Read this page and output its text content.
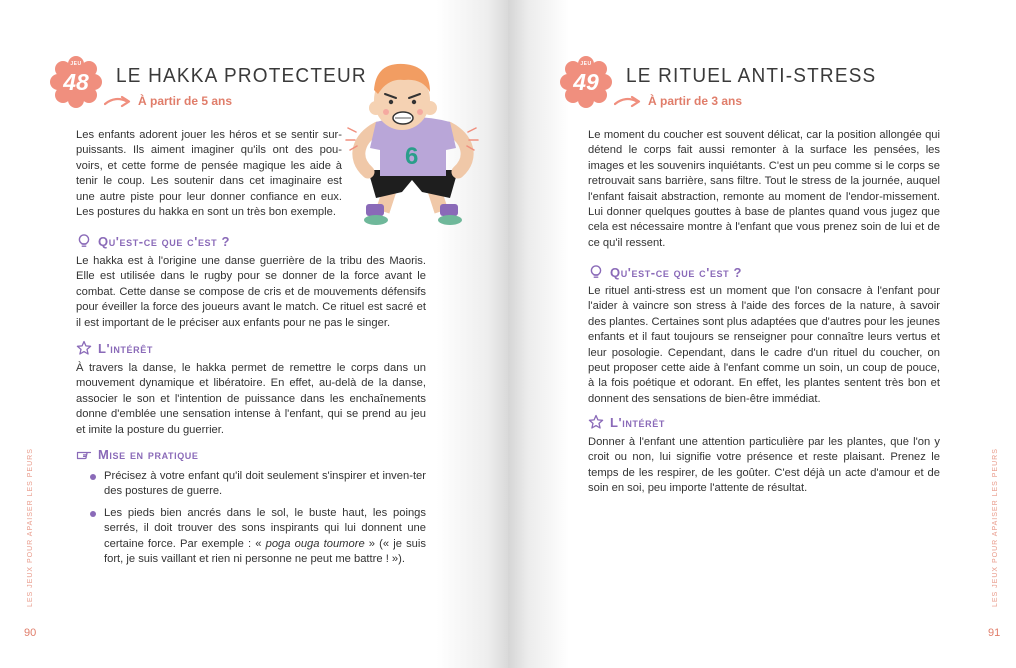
JEU
48	LE HAKKA PROTECTEUR
À partir de 5 ans
6

Les enfants adorent jouer les héros et se sentir sur-puissants. Ils aiment imaginer qu'ils ont des pou-voirs, et cette forme de pensée magique les aide à tenir le coup. Les soutenir dans cet imaginaire est une autre piste pour leur donner confiance en eux. Les postures du hakka en sont un très bon exemple.

Qu'est-ce que c'est ?

Le hakka est à l'origine une danse guerrière de la tribu des Maoris. Elle est utilisée dans le rugby pour se donner de la force avant le combat. Cette danse se compose de cris et de mouvements défensifs pour éveiller la force des joueurs avant le match. Ce rituel est sacré et il est important de le préciser aux enfants pour ne pas le singer.

L'intérêt

À travers la danse, le hakka permet de remettre le corps dans un mouvement dynamique et libératoire. En effet, au-delà de la danse, associer le son et l'intention de puissance dans les enchaînements donne d'emblée une sensation intense à l'enfant, qui se prend au jeu et imite la posture du guerrier.

Mise en pratique
Précisez à votre enfant qu'il doit seulement s'inspirer et inven-ter des postures de guerre.
Les pieds bien ancrés dans le sol, le buste haut, les poings serrés, il doit trouver des sons inspirants qui lui donnent une certaine force. Par exemple : « poga ouga toumore » (« je suis fort, je suis vaillant et rien ni personne ne peut me battre ! »).
LES JEUX POUR APAISER LES PEURS
90
JEU
49	LE RITUEL ANTI-STRESS
À partir de 3 ans

Le moment du coucher est souvent délicat, car la position allongée qui détend le corps fait aussi remonter à la surface les pensées, les images et les souvenirs inquiétants. C'est un peu comme si le corps se retrouvait sans barrière, sans filtre. Tout le stress de la journée, auquel l'enfant faisait abstraction, remonte au moment de l'endor-missement. Lui donner quelques gouttes à base de plantes quand vous jugez que cela est nécessaire montre à l'enfant que vous prenez soin de lui et de ce qu'il ressent.

Qu'est-ce que c'est ?

Le rituel anti-stress est un moment que l'on consacre à l'enfant pour l'aider à vaincre son stress à l'aide des forces de la nature, à savoir des plantes. Certaines sont plus adaptées que d'autres pour les jeunes enfants et il faut toujours se renseigner pour connaître leurs vertus et leur posologie. Cependant, dans le cadre d'un rituel du coucher, on peut proposer cette aide à l'enfant comme un soin, un coup de pouce, à la fois poétique et odorant. En effet, les plantes sentent très bon et donnent des sensations de bien-être immédiat.

L'intérêt

Donner à l'enfant une attention particulière par les plantes, que l'on y croit ou non, lui signifie votre présence et reste plaisant. Prenez le temps de les respirer, de les goûter. C'est déjà un acte d'amour et de soin en soi, peu importe l'attente de résultat.	LES JEUX POUR APAISER LES PEURS
91
